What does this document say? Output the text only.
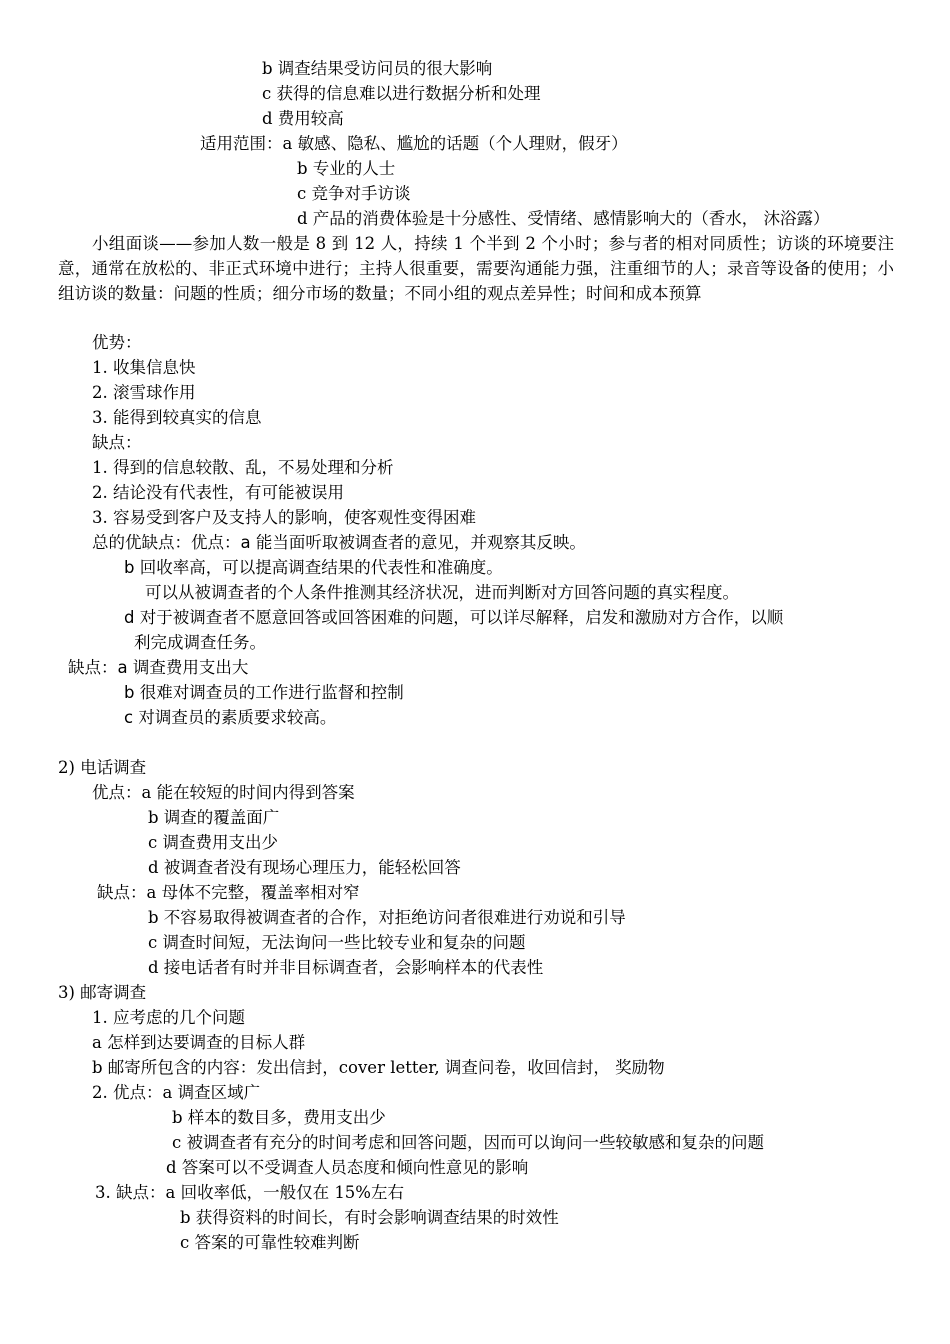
b 调查结果受访问员的很大影响
c 获得的信息难以进行数据分析和处理
d 费用较高
适用范围：a 敏感、隐私、尴尬的话题（个人理财，假牙）
b 专业的人士
c 竞争对手访谈
d 产品的消费体验是十分感性、受情绪、感情影响大的（香水， 沐浴露）
小组面谈——参加人数一般是 8 到 12 人，持续 1 个半到 2 个小时；参与者的相对同质性；访谈的环境要注意，通常在放松的、非正式环境中进行；主持人很重要，需要沟通能力强，注重细节的人；录音等设备的使用；小组访谈的数量：问题的性质；细分市场的数量；不同小组的观点差异性；时间和成本预算
优势：
1. 收集信息快
2. 滚雪球作用
3. 能得到较真实的信息
缺点：
1. 得到的信息较散、乱，不易处理和分析
2. 结论没有代表性，有可能被误用
3. 容易受到客户及支持人的影响，使客观性变得困难
总的优缺点：优点：a 能当面听取被调查者的意见，并观察其反映。
b 回收率高，可以提高调查结果的代表性和准确度。
可以从被调查者的个人条件推测其经济状况，进而判断对方回答问题的真实程度。
d 对于被调查者不愿意回答或回答困难的问题，可以详尽解释，启发和激励对方合作，以顺
利完成调查任务。
缺点：a 调查费用支出大
b 很难对调查员的工作进行监督和控制
c 对调查员的素质要求较高。
2) 电话调查
优点：a 能在较短的时间内得到答案
b 调查的覆盖面广
c 调查费用支出少
d 被调查者没有现场心理压力，能轻松回答
缺点：a 母体不完整，覆盖率相对窄
b 不容易取得被调查者的合作，对拒绝访问者很难进行劝说和引导
c 调查时间短，无法询问一些比较专业和复杂的问题
d 接电话者有时并非目标调查者，会影响样本的代表性
3) 邮寄调查
1. 应考虑的几个问题
a 怎样到达要调查的目标人群
b 邮寄所包含的内容：发出信封，cover letter, 调查问卷，收回信封， 奖励物
2. 优点：a 调查区域广
b 样本的数目多，费用支出少
c 被调查者有充分的时间考虑和回答问题，因而可以询问一些较敏感和复杂的问题
d 答案可以不受调查人员态度和倾向性意见的影响
3. 缺点：a 回收率低，一般仅在 15%左右
b 获得资料的时间长，有时会影响调查结果的时效性
c 答案的可靠性较难判断
